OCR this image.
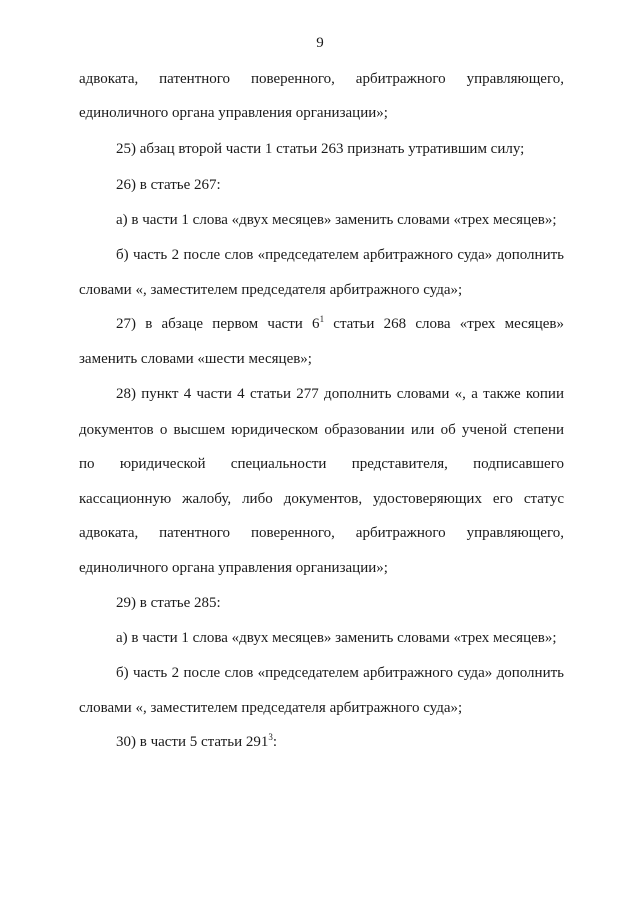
9
адвоката, патентного поверенного, арбитражного управляющего,
единоличного органа управления организации»;
25) абзац второй части 1 статьи 263 признать утратившим силу;
26) в статье 267:
а) в части 1 слова «двух месяцев» заменить словами «трех месяцев»;
б) часть 2 после слов «председателем арбитражного суда» дополнить
словами «, заместителем председателя арбитражного суда»;
27) в абзаце первом части $6^1$ статьи 268 слова «трех месяцев»
заменить словами «шести месяцев»;
28) пункт 4 части 4 статьи 277 дополнить словами «, а также копии
документов о высшем юридическом образовании или об ученой степени
по юридической специальности представителя, подписавшего
кассационную жалобу, либо документов, удостоверяющих его статус
адвоката, патентного поверенного, арбитражного управляющего,
единоличного органа управления организации»;
29) в статье 285:
а) в части 1 слова «двух месяцев» заменить словами «трех месяцев»;
б) часть 2 после слов «председателем арбитражного суда» дополнить
словами «, заместителем председателя арбитражного суда»;
30) в части 5 статьи $291^3$:
